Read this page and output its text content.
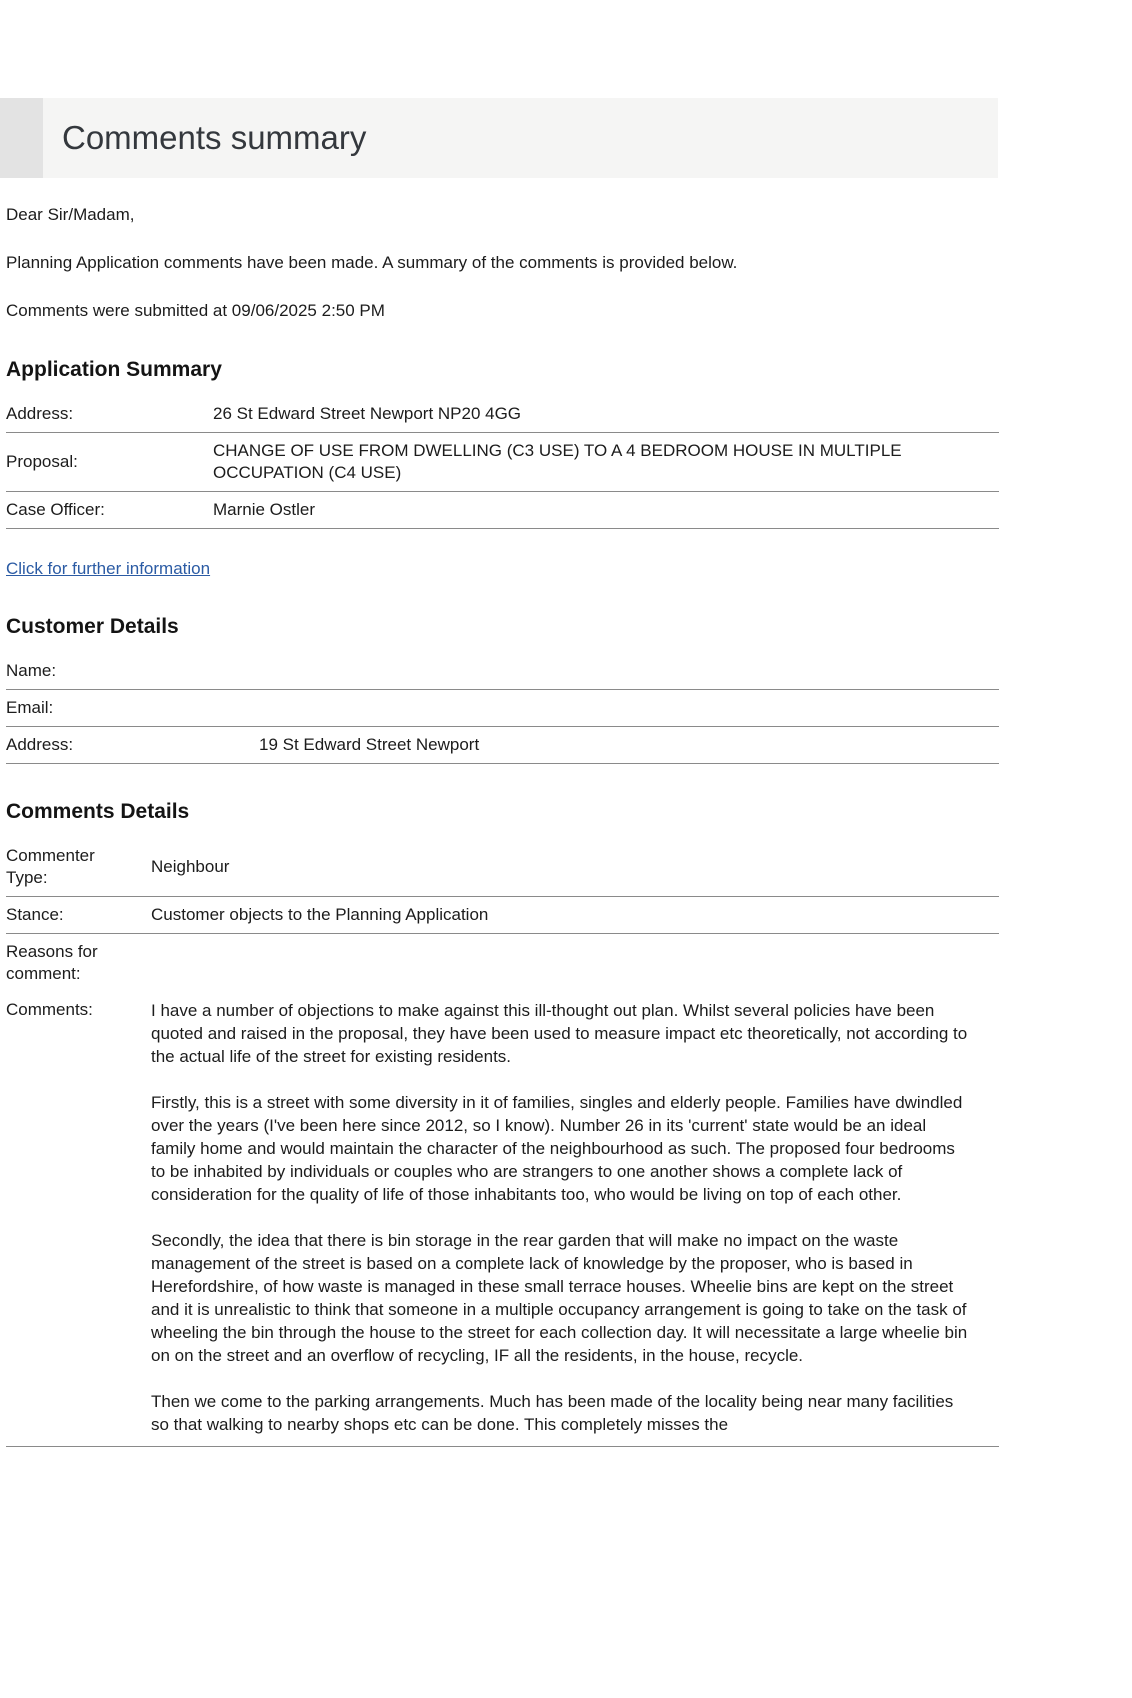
Comments summary

Dear Sir/Madam,

Planning Application comments have been made. A summary of the comments is provided below.

Comments were submitted at 09/06/2025 2:50 PM

Application Summary
Address:	26 St Edward Street Newport NP20 4GG
Proposal:	CHANGE OF USE FROM DWELLING (C3 USE) TO A 4 BEDROOM HOUSE IN MULTIPLE OCCUPATION (C4 USE)
Case Officer:	Marnie Ostler
Click for further information
Customer Details
Name:	
Email:	
Address:	19 St Edward Street Newport
Comments Details
Commenter Type:	Neighbour
Stance:	Customer objects to the Planning Application
Reasons for comment:	
Comments:	I have a number of objections to make against this ill-thought out plan. Whilst several policies have been quoted and raised in the proposal, they have been used to measure impact etc theoretically, not according to the actual life of the street for existing residents.

Firstly, this is a street with some diversity in it of families, singles and elderly people. Families have dwindled over the years (I've been here since 2012, so I know). Number 26 in its 'current' state would be an ideal family home and would maintain the character of the neighbourhood as such. The proposed four bedrooms to be inhabited by individuals or couples who are strangers to one another shows a complete lack of consideration for the quality of life of those inhabitants too, who would be living on top of each other.

Secondly, the idea that there is bin storage in the rear garden that will make no impact on the waste management of the street is based on a complete lack of knowledge by the proposer, who is based in Herefordshire, of how waste is managed in these small terrace houses. Wheelie bins are kept on the street and it is unrealistic to think that someone in a multiple occupancy arrangement is going to take on the task of wheeling the bin through the house to the street for each collection day. It will necessitate a large wheelie bin on on the street and an overflow of recycling, IF all the residents, in the house, recycle.

Then we come to the parking arrangements. Much has been made of the locality being near many facilities so that walking to nearby shops etc can be done. This completely misses the
